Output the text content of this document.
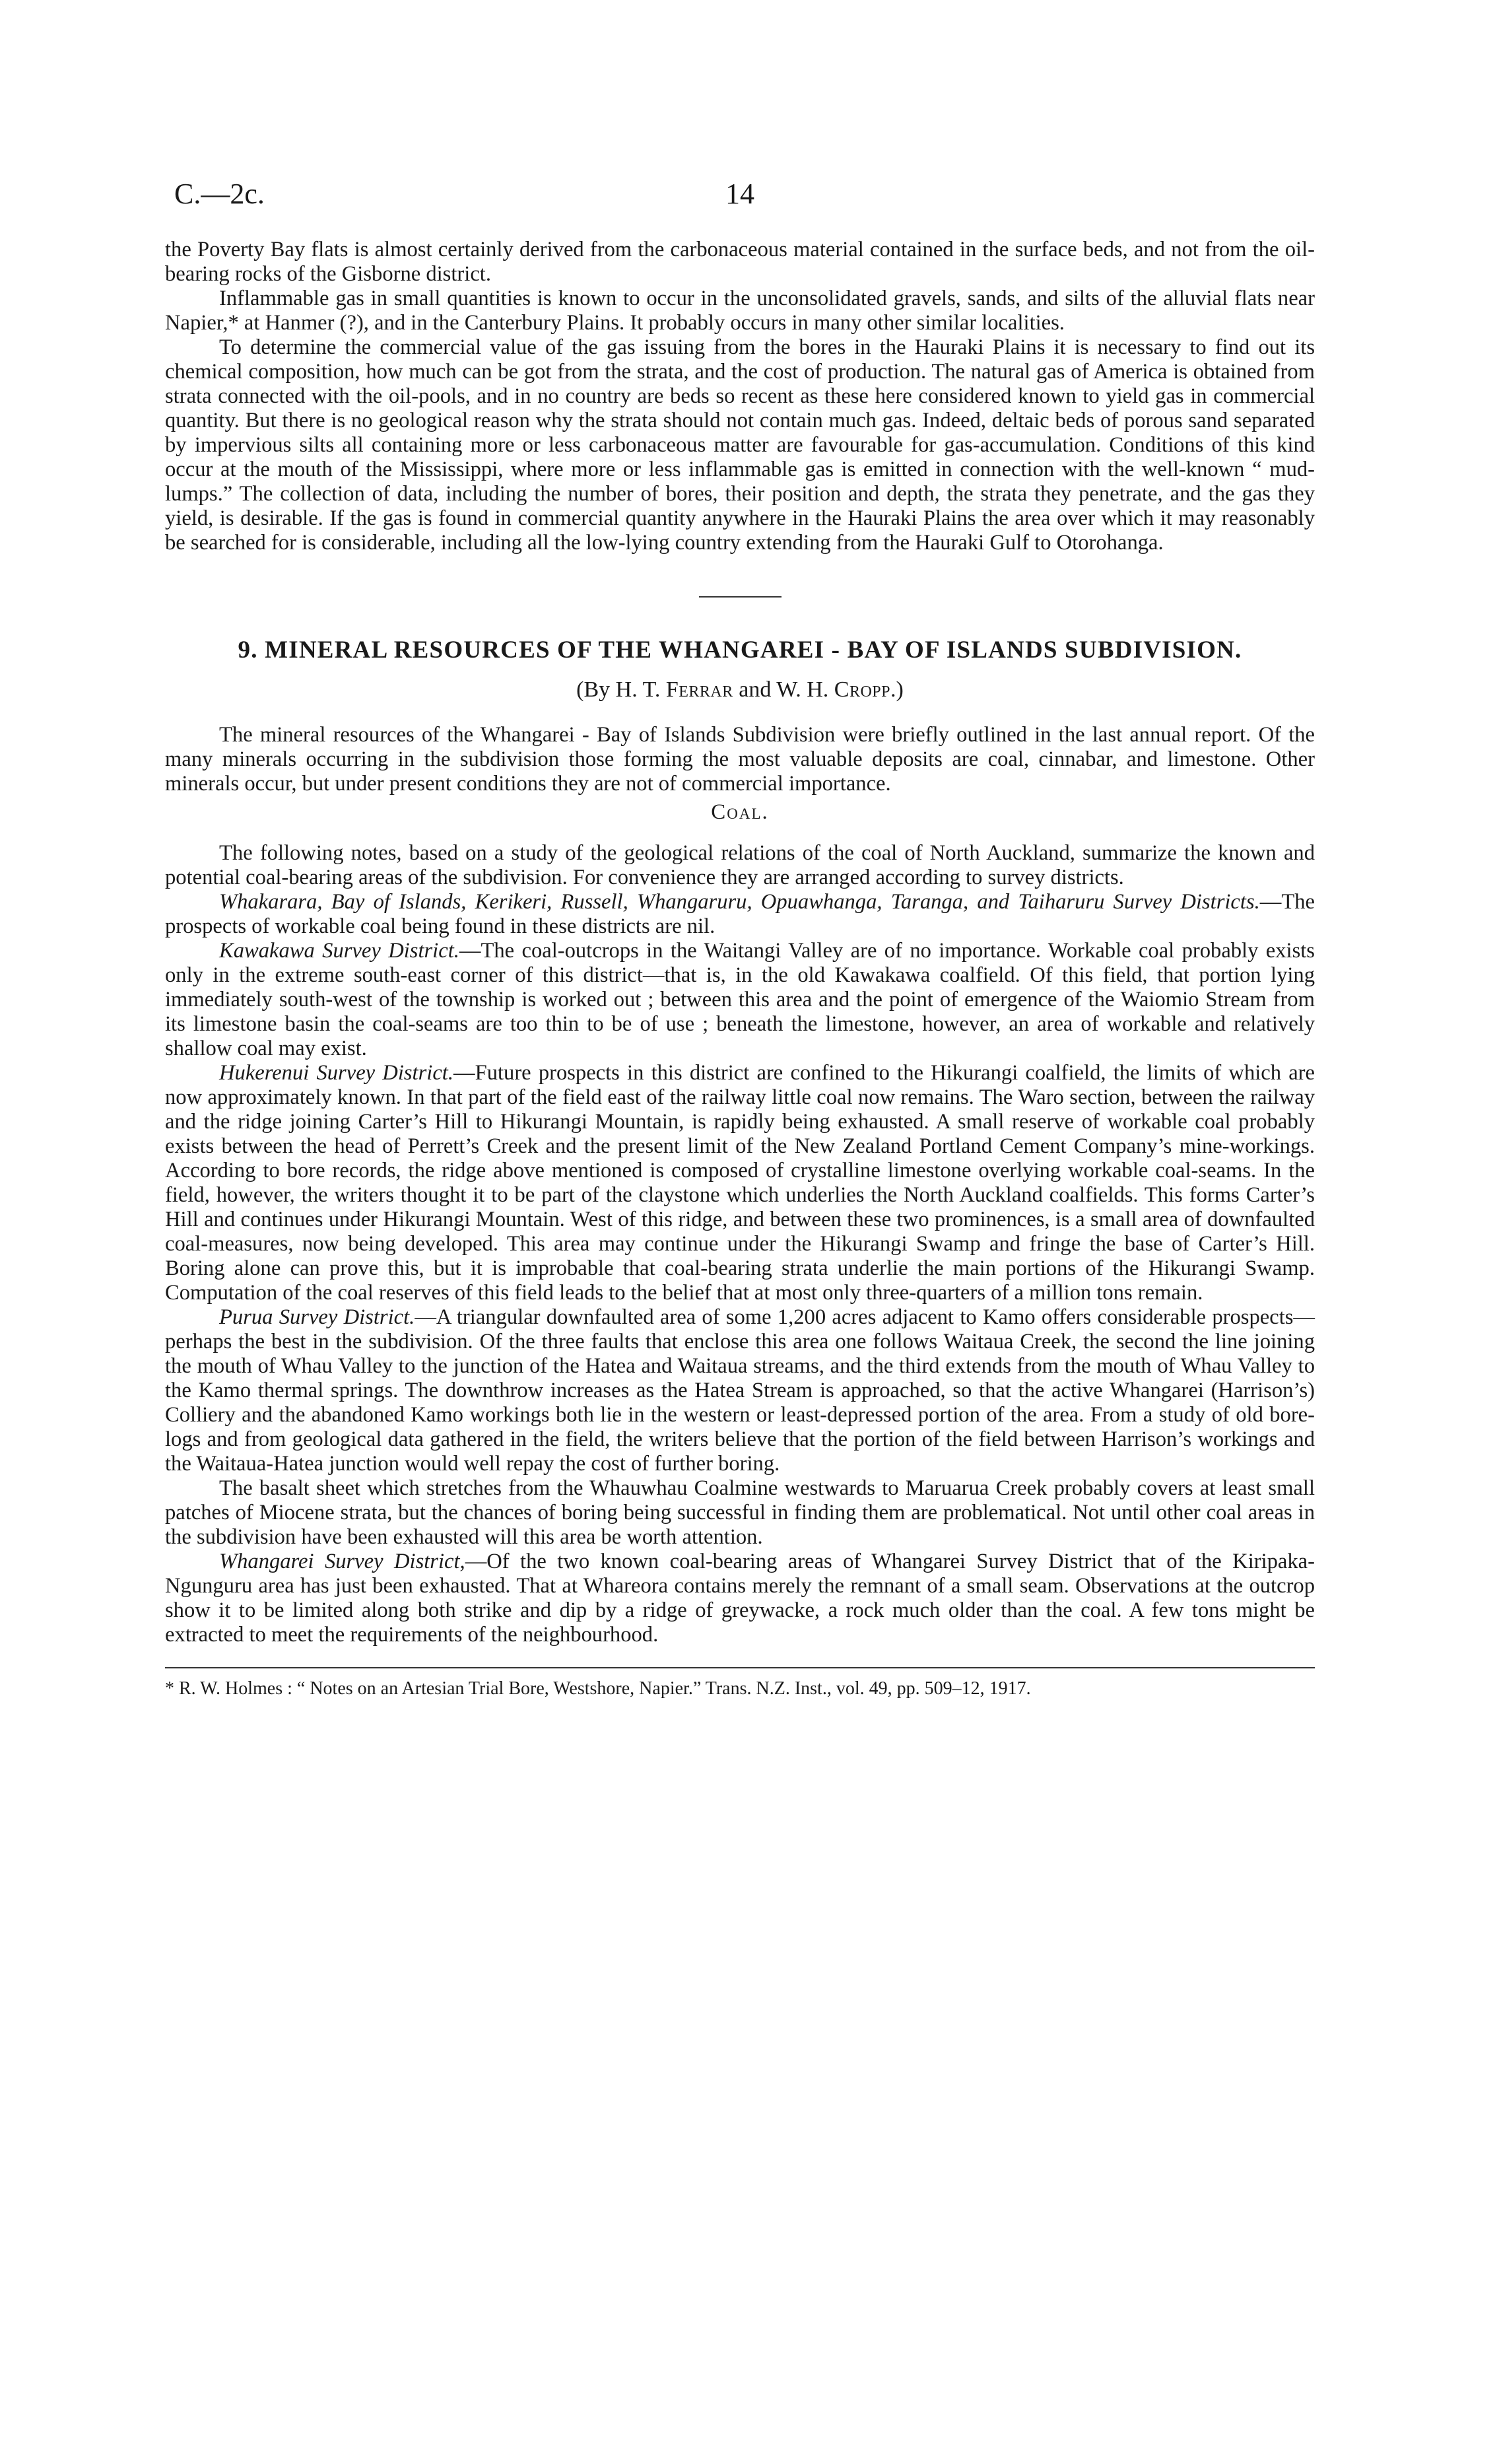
C.—2c.	14

the Poverty Bay flats is almost certainly derived from the carbonaceous material contained in the surface beds, and not from the oil-bearing rocks of the Gisborne district.

Inflammable gas in small quantities is known to occur in the unconsolidated gravels, sands, and silts of the alluvial flats near Napier,* at Hanmer (?), and in the Canterbury Plains. It probably occurs in many other similar localities.

To determine the commercial value of the gas issuing from the bores in the Hauraki Plains it is necessary to find out its chemical composition, how much can be got from the strata, and the cost of production. The natural gas of America is obtained from strata connected with the oil-pools, and in no country are beds so recent as these here considered known to yield gas in commercial quantity. But there is no geological reason why the strata should not contain much gas. Indeed, deltaic beds of porous sand separated by impervious silts all containing more or less carbonaceous matter are favourable for gas-accumulation. Conditions of this kind occur at the mouth of the Mississippi, where more or less inflammable gas is emitted in connection with the well-known “ mud-lumps.” The collection of data, including the number of bores, their position and depth, the strata they penetrate, and the gas they yield, is desirable. If the gas is found in commercial quantity anywhere in the Hauraki Plains the area over which it may reasonably be searched for is considerable, including all the low-lying country extending from the Hauraki Gulf to Otorohanga.

9. MINERAL RESOURCES OF THE WHANGAREI - BAY OF ISLANDS SUBDIVISION.
(By H. T. Ferrar and W. H. Cropp.)

The mineral resources of the Whangarei - Bay of Islands Subdivision were briefly outlined in the last annual report. Of the many minerals occurring in the subdivision those forming the most valuable deposits are coal, cinnabar, and limestone. Other minerals occur, but under present conditions they are not of commercial importance.

Coal.

The following notes, based on a study of the geological relations of the coal of North Auckland, summarize the known and potential coal-bearing areas of the subdivision. For convenience they are arranged according to survey districts.

Whakarara, Bay of Islands, Kerikeri, Russell, Whangaruru, Opuawhanga, Taranga, and Taiharuru Survey Districts.—The prospects of workable coal being found in these districts are nil.

Kawakawa Survey District.—The coal-outcrops in the Waitangi Valley are of no importance. Workable coal probably exists only in the extreme south-east corner of this district—that is, in the old Kawakawa coalfield. Of this field, that portion lying immediately south-west of the township is worked out ; between this area and the point of emergence of the Waiomio Stream from its limestone basin the coal-seams are too thin to be of use ; beneath the limestone, however, an area of workable and relatively shallow coal may exist.

Hukerenui Survey District.—Future prospects in this district are confined to the Hikurangi coalfield, the limits of which are now approximately known. In that part of the field east of the railway little coal now remains. The Waro section, between the railway and the ridge joining Carter’s Hill to Hikurangi Mountain, is rapidly being exhausted. A small reserve of workable coal probably exists between the head of Perrett’s Creek and the present limit of the New Zealand Portland Cement Company’s mine-workings. According to bore records, the ridge above mentioned is composed of crystalline limestone overlying workable coal-seams. In the field, however, the writers thought it to be part of the claystone which underlies the North Auckland coalfields. This forms Carter’s Hill and continues under Hikurangi Mountain. West of this ridge, and between these two prominences, is a small area of downfaulted coal-measures, now being developed. This area may continue under the Hikurangi Swamp and fringe the base of Carter’s Hill. Boring alone can prove this, but it is improbable that coal-bearing strata underlie the main portions of the Hikurangi Swamp. Computation of the coal reserves of this field leads to the belief that at most only three-quarters of a million tons remain.

Purua Survey District.—A triangular downfaulted area of some 1,200 acres adjacent to Kamo offers considerable prospects—perhaps the best in the subdivision. Of the three faults that enclose this area one follows Waitaua Creek, the second the line joining the mouth of Whau Valley to the junction of the Hatea and Waitaua streams, and the third extends from the mouth of Whau Valley to the Kamo thermal springs. The downthrow increases as the Hatea Stream is approached, so that the active Whangarei (Harrison’s) Colliery and the abandoned Kamo workings both lie in the western or least-depressed portion of the area. From a study of old bore-logs and from geological data gathered in the field, the writers believe that the portion of the field between Harrison’s workings and the Waitaua-Hatea junction would well repay the cost of further boring.

The basalt sheet which stretches from the Whauwhau Coalmine westwards to Maruarua Creek probably covers at least small patches of Miocene strata, but the chances of boring being successful in finding them are problematical. Not until other coal areas in the subdivision have been exhausted will this area be worth attention.

Whangarei Survey District,—Of the two known coal-bearing areas of Whangarei Survey District that of the Kiripaka-Ngunguru area has just been exhausted. That at Whareora contains merely the remnant of a small seam. Observations at the outcrop show it to be limited along both strike and dip by a ridge of greywacke, a rock much older than the coal. A few tons might be extracted to meet the requirements of the neighbourhood.

* R. W. Holmes : “ Notes on an Artesian Trial Bore, Westshore, Napier.” Trans. N.Z. Inst., vol. 49, pp. 509–12, 1917.
